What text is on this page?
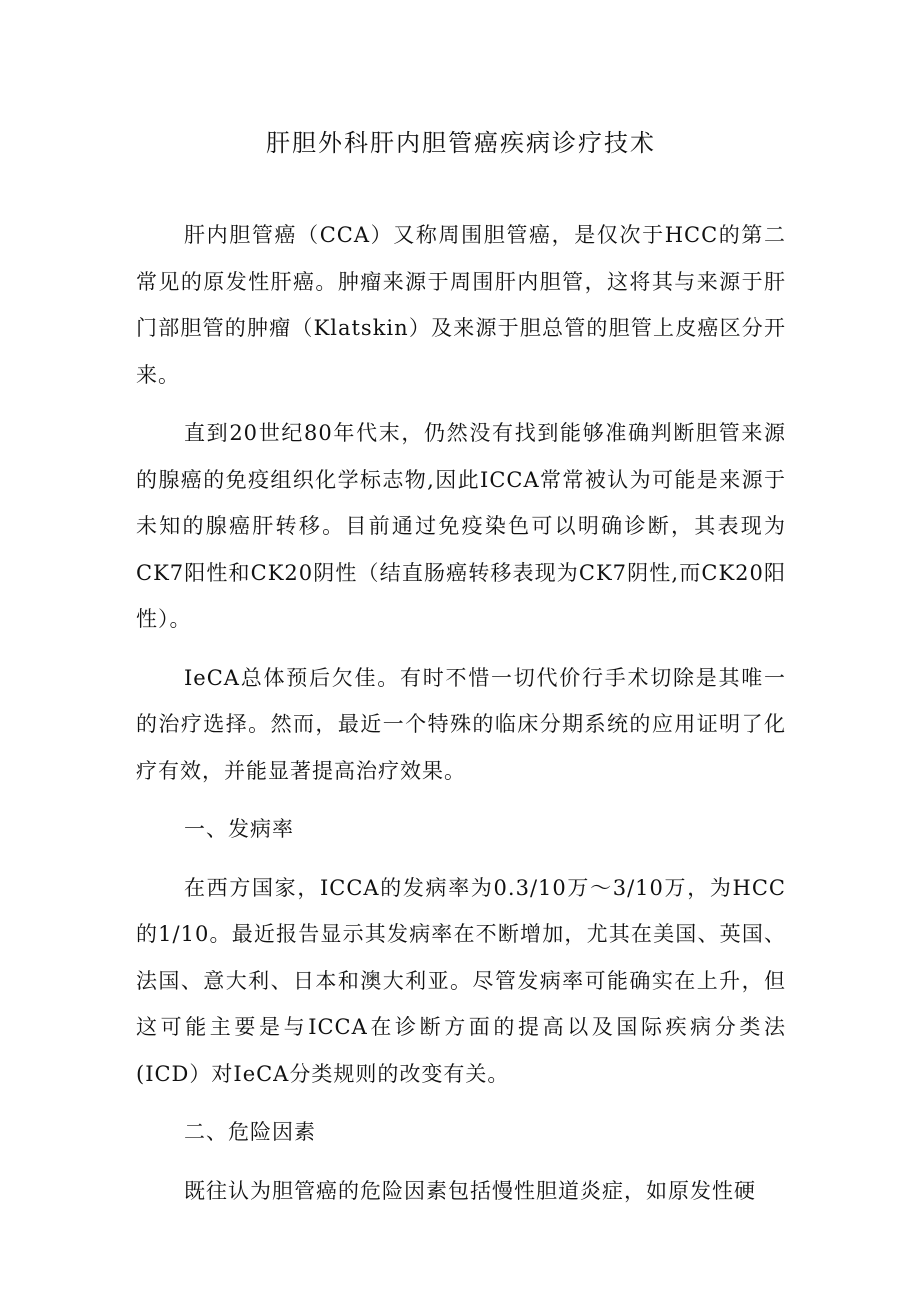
肝胆外科肝内胆管癌疾病诊疗技术

肝内胆管癌（CCA）又称周围胆管癌，是仅次于HCC的第二常见的原发性肝癌。肿瘤来源于周围肝内胆管，这将其与来源于肝门部胆管的肿瘤（Klatskin）及来源于胆总管的胆管上皮癌区分开来。

直到20世纪80年代末，仍然没有找到能够准确判断胆管来源的腺癌的免疫组织化学标志物,因此ICCA常常被认为可能是来源于未知的腺癌肝转移。目前通过免疫染色可以明确诊断，其表现为CK7阳性和CK20阴性（结直肠癌转移表现为CK7阴性,而CK20阳性）。

IeCA总体预后欠佳。有时不惜一切代价行手术切除是其唯一的治疗选择。然而，最近一个特殊的临床分期系统的应用证明了化疗有效，并能显著提高治疗效果。

一、发病率

在西方国家，ICCA的发病率为0.3/10万～3/10万，为HCC的1/10。最近报告显示其发病率在不断增加，尤其在美国、英国、法国、意大利、日本和澳大利亚。尽管发病率可能确实在上升，但这可能主要是与ICCA在诊断方面的提高以及国际疾病分类法(ICD）对IeCA分类规则的改变有关。

二、危险因素

既往认为胆管癌的危险因素包括慢性胆道炎症，如原发性硬
